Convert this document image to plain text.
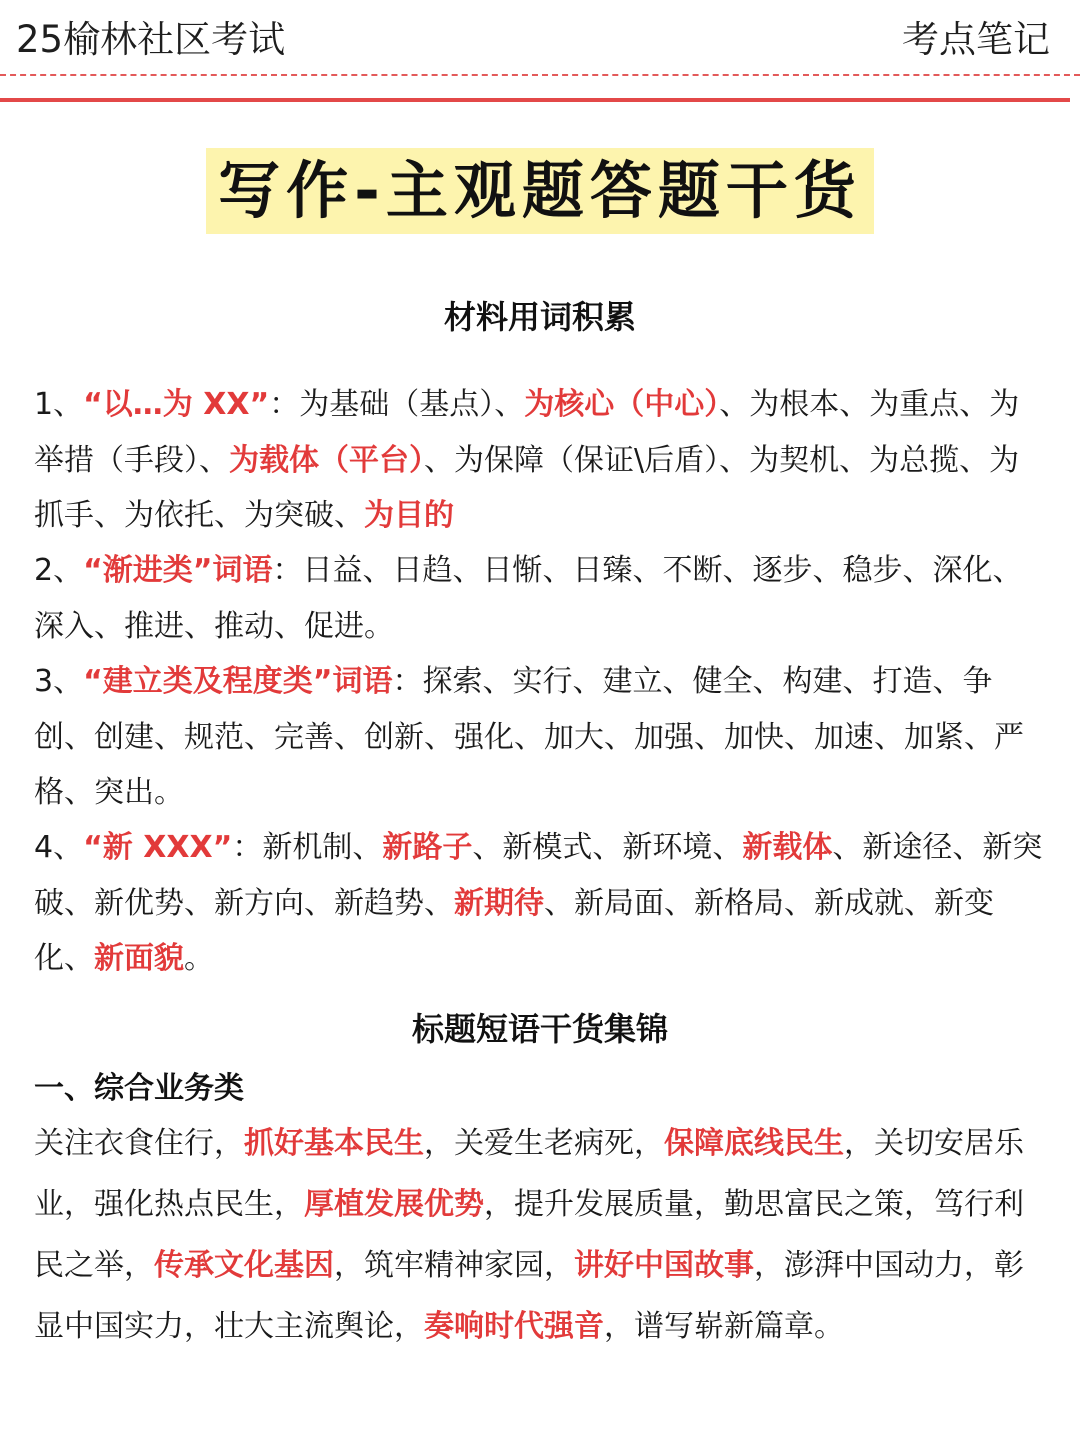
25榆林社区考试	考点笔记
写作-主观题答题干货
材料用词积累

1、“以…为 XX”：为基础（基点）、为核心（中心）、为根本、为重点、为举措（手段）、为载体（平台）、为保障（保证\后盾）、为契机、为总揽、为抓手、为依托、为突破、为目的

2、“渐进类”词语：日益、日趋、日惭、日臻、不断、逐步、稳步、深化、深入、推进、推动、促进。

3、“建立类及程度类”词语：探索、实行、建立、健全、构建、打造、争创、创建、规范、完善、创新、强化、加大、加强、加快、加速、加紧、严格、突出。

4、“新 XXX”：新机制、新路子、新模式、新环境、新载体、新途径、新突破、新优势、新方向、新趋势、新期待、新局面、新格局、新成就、新变化、新面貌。

标题短语干货集锦
一、综合业务类

关注衣食住行，抓好基本民生，关爱生老病死，保障底线民生，关切安居乐业，强化热点民生，厚植发展优势，提升发展质量，勤思富民之策，笃行利民之举，传承文化基因，筑牢精神家园，讲好中国故事，澎湃中国动力，彰显中国实力，壮大主流舆论，奏响时代强音，谱写崭新篇章。
